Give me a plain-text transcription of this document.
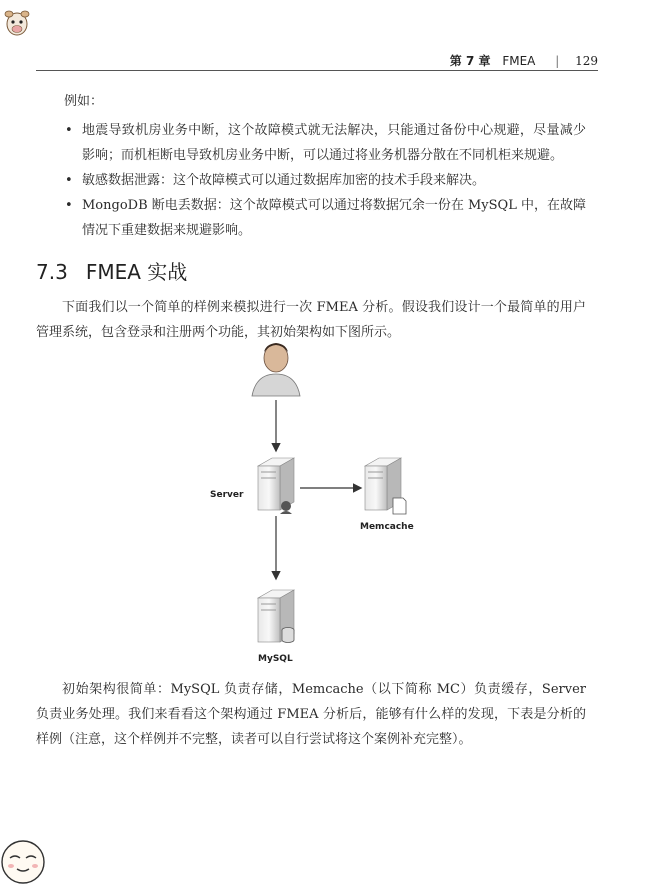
第 7 章 FMEA | 129
例如：
• 地震导致机房业务中断，这个故障模式就无法解决，只能通过备份中心规避，尽量减少影响；而机柜断电导致机房业务中断，可以通过将业务机器分散在不同机柜来规避。
• 敏感数据泄露：这个故障模式可以通过数据库加密的技术手段来解决。
• MongoDB 断电丢数据：这个故障模式可以通过将数据冗余一份在 MySQL 中，在故障情况下重建数据来规避影响。
7.3 FMEA 实战
下面我们以一个简单的样例来模拟进行一次 FMEA 分析。假设我们设计一个最简单的用户管理系统，包含登录和注册两个功能，其初始架构如下图所示。
Server
Memcache
MySQL
初始架构很简单：MySQL 负责存储，Memcache（以下简称 MC）负责缓存，Server 负责业务处理。我们来看看这个架构通过 FMEA 分析后，能够有什么样的发现，下表是分析的样例（注意，这个样例并不完整，读者可以自行尝试将这个案例补充完整）。
